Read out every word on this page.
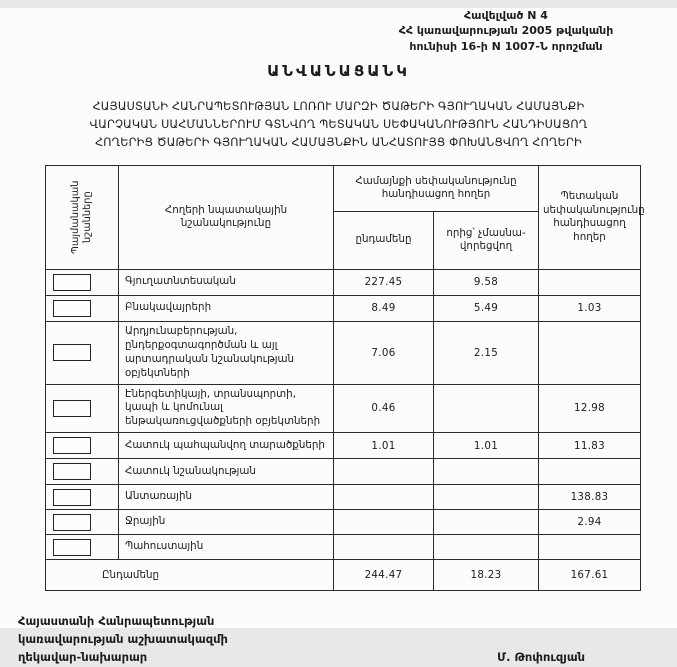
Հավելված N 4
ՀՀ կառավարության 2005 թվականի
հունիսի 16-ի N 1007-Ն որոշման
ԱՆՎԱՆԱՑԱՆԿ
ՀԱՅԱՍՏԱՆԻ ՀԱՆՐԱՊԵՏՈՒԹՅԱՆ ԼՈՌՈՒ ՄԱՐԶԻ ԾԱԹԵՐԻ ԳՅՈՒՂԱԿԱՆ ՀԱՄԱՅՆՔԻ
ՎԱՐՉԱԿԱՆ ՍԱՀՄԱՆՆԵՐՈՒՄ ԳՏՆՎՈՂ ՊԵՏԱԿԱՆ ՍԵՓԱԿԱՆՈՒԹՅՈՒՆ ՀԱՆԴԻՍԱՑՈՂ
ՀՈՂԵՐԻՑ ԾԱԹԵՐԻ ԳՅՈՒՂԱԿԱՆ ՀԱՄԱՅՆՔԻՆ ԱՆՀԱՏՈՒՅՑ ՓՈԽԱՆՑՎՈՂ ՀՈՂԵՐԻ
Պայմանական նշանները	Հողերի նպատակային նշանակությունը	Համայնքի սեփականությունը հանդիսացող հողեր		Պետական սեփականությունը հանդիսացող հողեր
		ընդամենը	որից՝ չմասնա-վորեցվող	
	Գյուղատնտեսական	227.45	9.58	
	Բնակավայրերի	8.49	5.49	1.03
	Արդյունաբերության, ընդերքօգտագործման և այլ արտադրական նշանակության օբյեկտների	7.06	2.15	
	Էներգետիկայի, տրանսպորտի, կապի և կոմունալ ենթակառուցվածքների օբյեկտների	0.46		12.98
	Հատուկ պահպանվող տարածքների	1.01	1.01	11.83
	Հատուկ նշանակության			
	Անտառային			138.83
	Ջրային			2.94
	Պահուստային			
Ընդամենը		244.47	18.23	167.61
Հայաստանի Հանրապետության
կառավարության աշխատակազմի
ղեկավար-նախարար	Մ. Թոփուզյան
